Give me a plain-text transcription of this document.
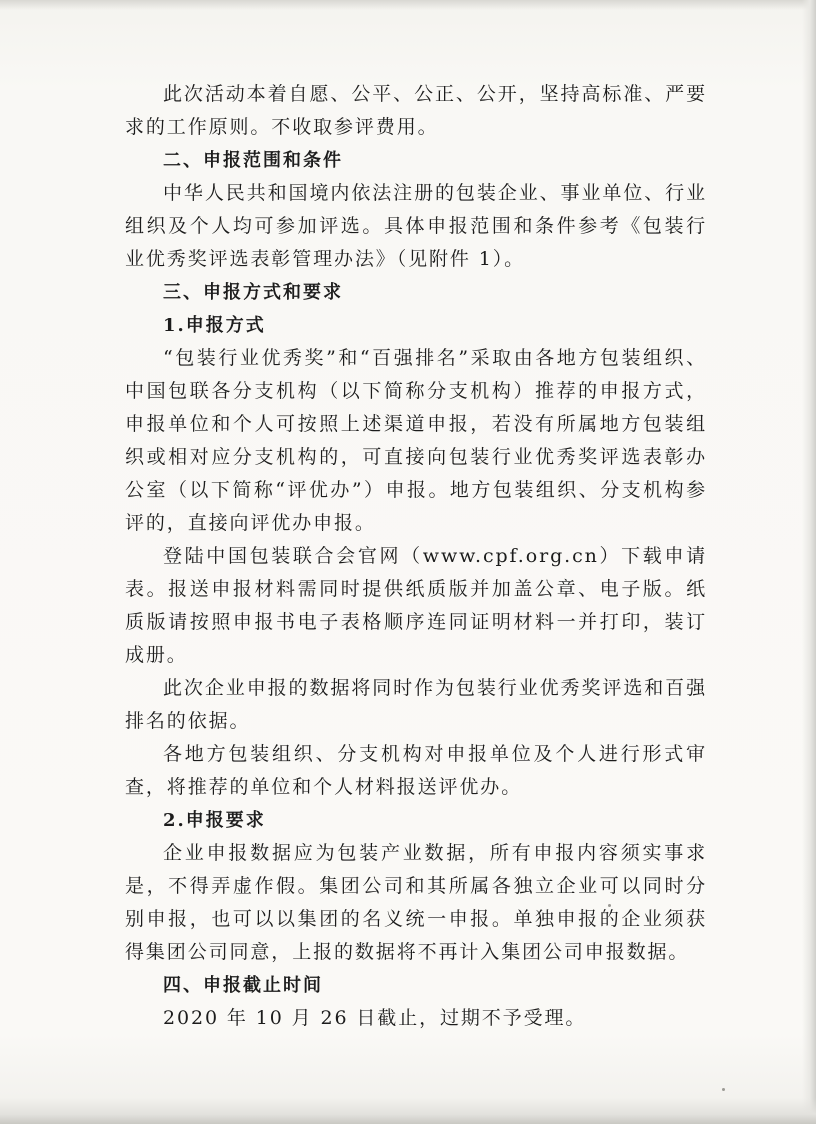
此次活动本着自愿、公平、公正、公开，坚持高标准、严要求的工作原则。不收取参评费用。

二、申报范围和条件

中华人民共和国境内依法注册的包装企业、事业单位、行业组织及个人均可参加评选。具体申报范围和条件参考《包装行业优秀奖评选表彰管理办法》（见附件 1）。

三、申报方式和要求

1.申报方式

“包装行业优秀奖”和“百强排名”采取由各地方包装组织、中国包联各分支机构（以下简称分支机构）推荐的申报方式，申报单位和个人可按照上述渠道申报，若没有所属地方包装组织或相对应分支机构的，可直接向包装行业优秀奖评选表彰办公室（以下简称“评优办”）申报。地方包装组织、分支机构参评的，直接向评优办申报。

登陆中国包装联合会官网（www.cpf.org.cn）下载申请表。报送申报材料需同时提供纸质版并加盖公章、电子版。纸质版请按照申报书电子表格顺序连同证明材料一并打印，装订成册。

此次企业申报的数据将同时作为包装行业优秀奖评选和百强排名的依据。

各地方包装组织、分支机构对申报单位及个人进行形式审查，将推荐的单位和个人材料报送评优办。

2.申报要求

企业申报数据应为包装产业数据，所有申报内容须实事求是，不得弄虚作假。集团公司和其所属各独立企业可以同时分别申报，也可以以集团的名义统一申报。单独申报的企业须获得集团公司同意，上报的数据将不再计入集团公司申报数据。

四、申报截止时间

2020 年 10 月 26 日截止，过期不予受理。
